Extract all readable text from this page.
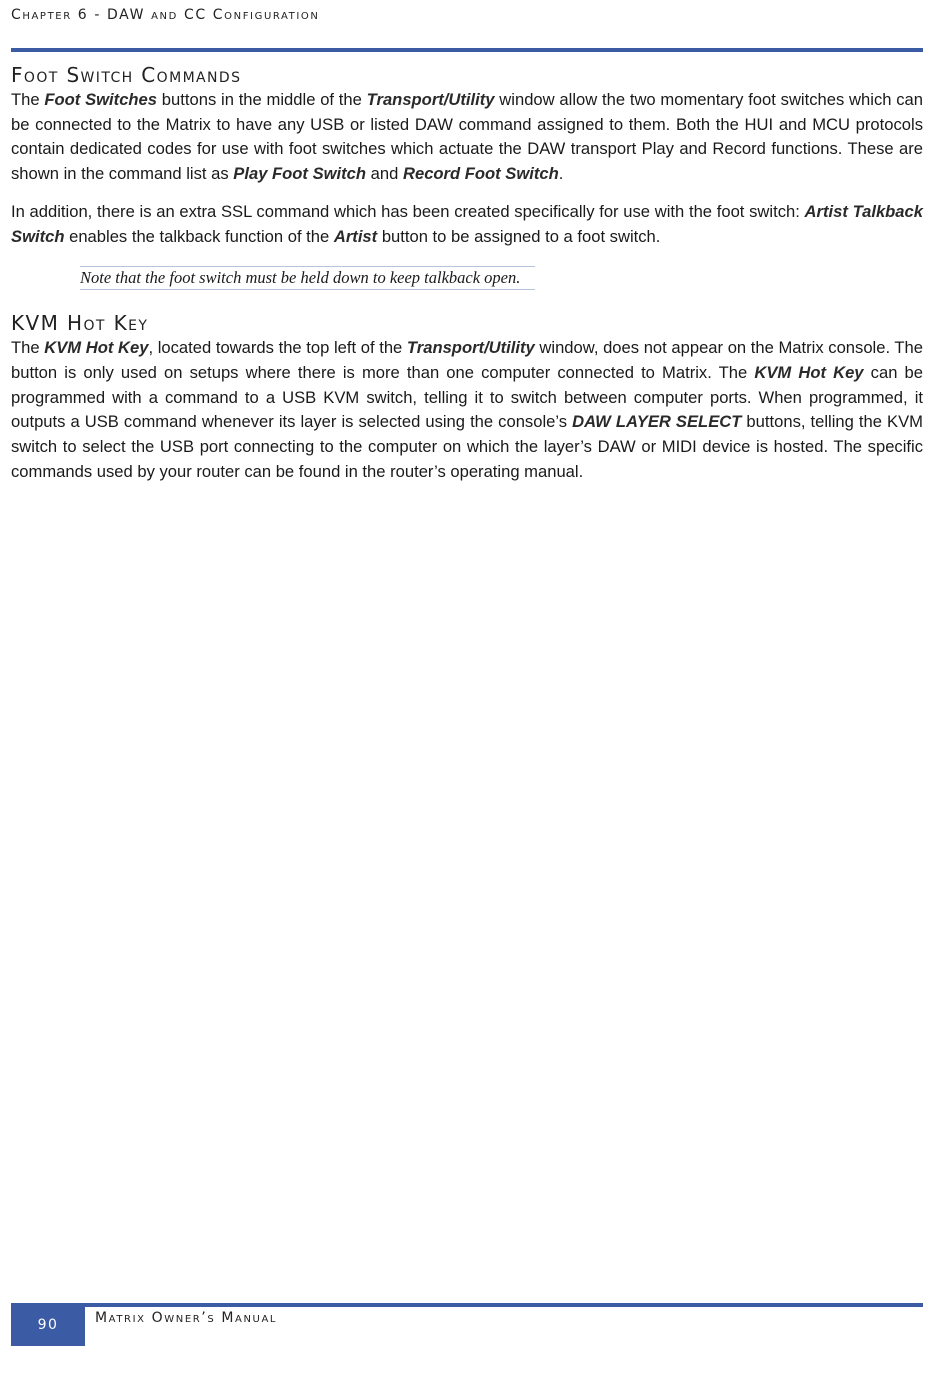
Chapter 6 - DAW and CC Configuration
Foot Switch Commands

The Foot Switches buttons in the middle of the Transport/Utility window allow the two momentary foot switches which can be connected to the Matrix to have any USB or listed DAW command assigned to them. Both the HUI and MCU protocols contain dedicated codes for use with foot switches which actuate the DAW transport Play and Record functions. These are shown in the command list as Play Foot Switch and Record Foot Switch.

In addition, there is an extra SSL command which has been created specifically for use with the foot switch: Artist Talkback Switch enables the talkback function of the Artist button to be assigned to a foot switch.

Note that the foot switch must be held down to keep talkback open.
KVM Hot Key

The KVM Hot Key, located towards the top left of the Transport/Utility window, does not appear on the Matrix console. The button is only used on setups where there is more than one computer connected to Matrix. The KVM Hot Key can be programmed with a command to a USB KVM switch, telling it to switch between computer ports. When programmed, it outputs a USB command whenever its layer is selected using the console’s DAW LAYER SELECT buttons, telling the KVM switch to select the USB port connecting to the computer on which the layer’s DAW or MIDI device is hosted. The specific commands used by your router can be found in the router’s operating manual.

90	Matrix Owner’s Manual
